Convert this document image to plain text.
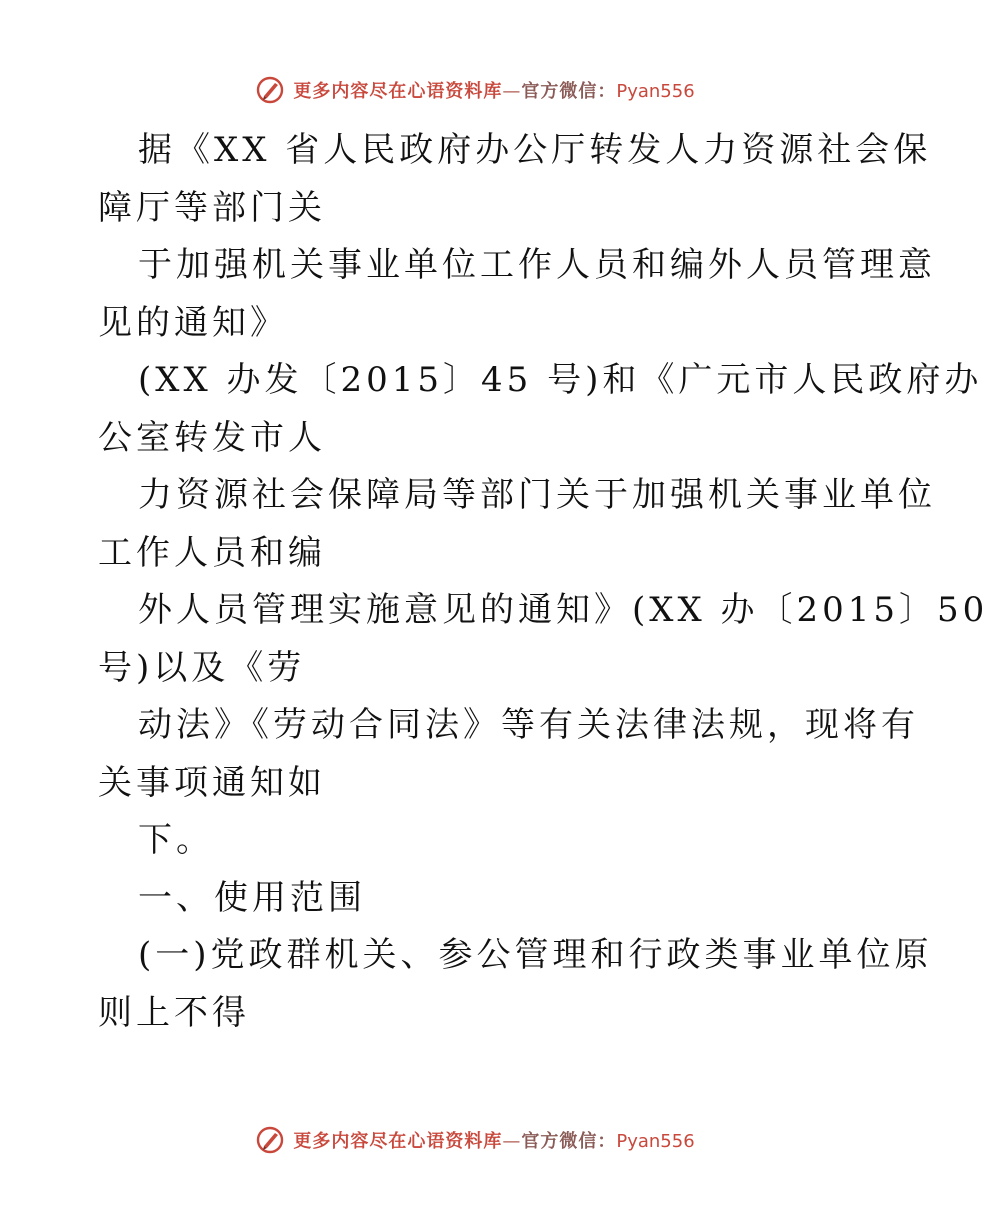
更多内容尽在心语资料库—官方微信：Pyan556

据《XX 省人民政府办公厅转发人力资源社会保
障厅等部门关

于加强机关事业单位工作人员和编外人员管理意
见的通知》

(XX 办发〔2015〕45 号)和《广元市人民政府办
公室转发市人

力资源社会保障局等部门关于加强机关事业单位
工作人员和编

外人员管理实施意见的通知》(XX 办〔2015〕50
号)以及《劳

动法》《劳动合同法》等有关法律法规，现将有
关事项通知如

下。

一、使用范围

(一)党政群机关、参公管理和行政类事业单位原
则上不得

更多内容尽在心语资料库—官方微信：Pyan556
